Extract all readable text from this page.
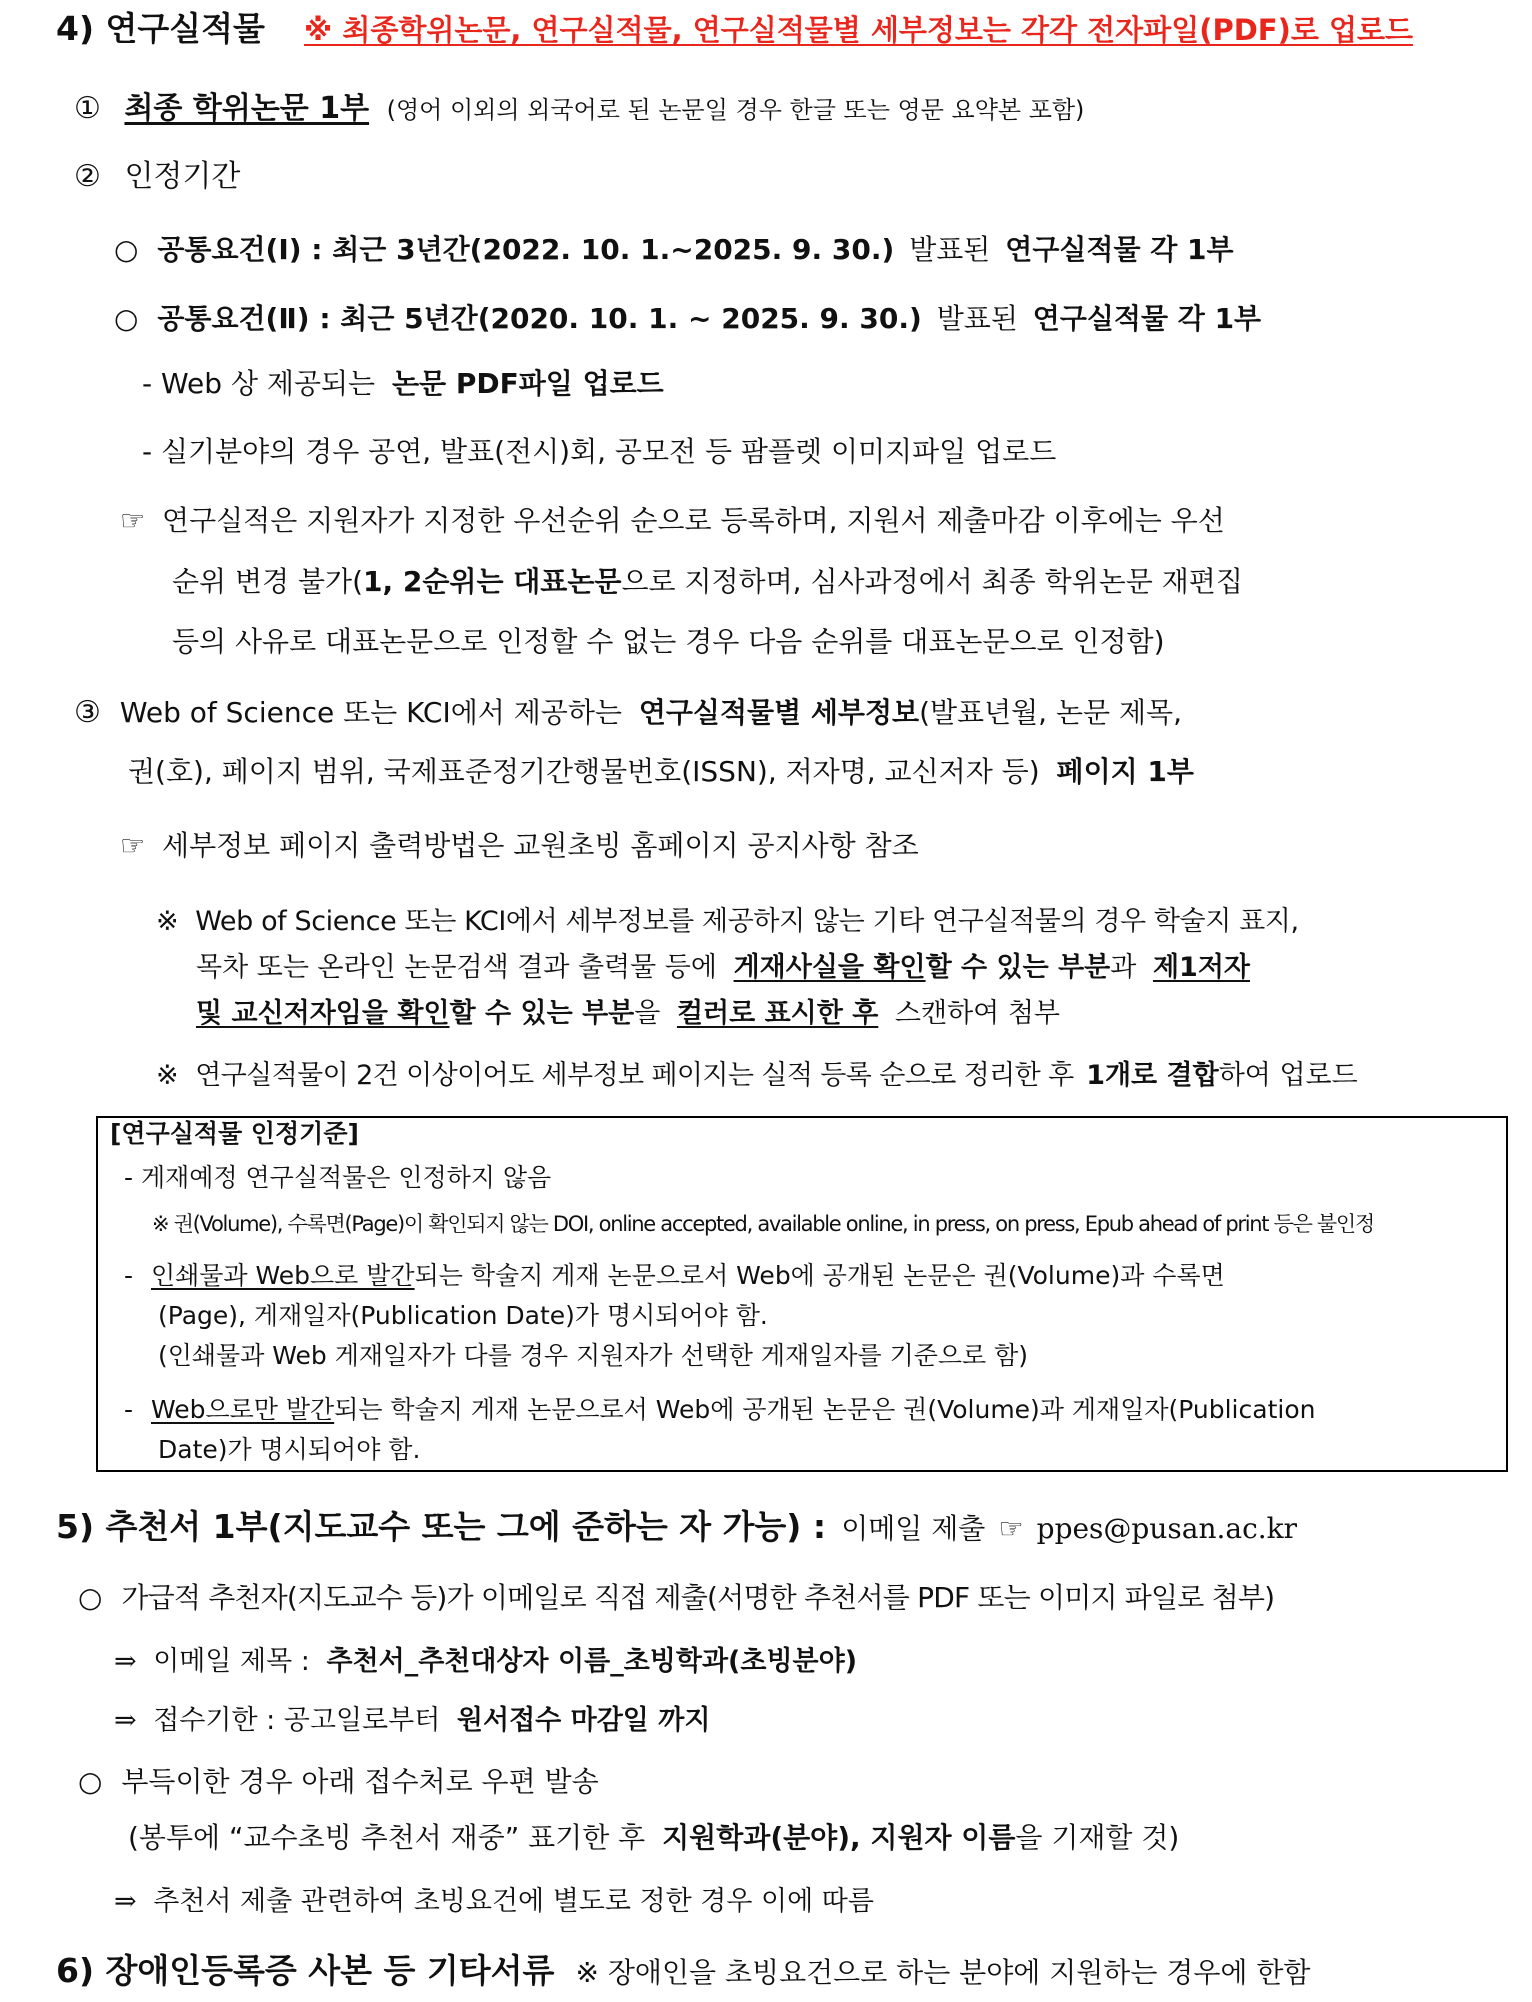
4) 연구실적물 ※ 최종학위논문, 연구실적물, 연구실적물별 세부정보는 각각 전자파일(PDF)로 업로드
① 최종 학위논문 1부 (영어 이외의 외국어로 된 논문일 경우 한글 또는 영문 요약본 포함)
② 인정기간
○ 공통요건(Ⅰ) : 최근 3년간(2022. 10. 1.~2025. 9. 30.) 발표된 연구실적물 각 1부
○ 공통요건(Ⅱ) : 최근 5년간(2020. 10. 1. ~ 2025. 9. 30.) 발표된 연구실적물 각 1부
- Web 상 제공되는 논문 PDF파일 업로드
- 실기분야의 경우 공연, 발표(전시)회, 공모전 등 팜플렛 이미지파일 업로드
☞ 연구실적은 지원자가 지정한 우선순위 순으로 등록하며, 지원서 제출마감 이후에는 우선
순위 변경 불가(1, 2순위는 대표논문으로 지정하며, 심사과정에서 최종 학위논문 재편집
등의 사유로 대표논문으로 인정할 수 없는 경우 다음 순위를 대표논문으로 인정함)
③ Web of Science 또는 KCI에서 제공하는 연구실적물별 세부정보(발표년월, 논문 제목,
권(호), 페이지 범위, 국제표준정기간행물번호(ISSN), 저자명, 교신저자 등) 페이지 1부
☞ 세부정보 페이지 출력방법은 교원초빙 홈페이지 공지사항 참조
※ Web of Science 또는 KCI에서 세부정보를 제공하지 않는 기타 연구실적물의 경우 학술지 표지,
목차 또는 온라인 논문검색 결과 출력물 등에 게재사실을 확인할 수 있는 부분과 제1저자
및 교신저자임을 확인할 수 있는 부분을 컬러로 표시한 후 스캔하여 첨부
※ 연구실적물이 2건 이상이어도 세부정보 페이지는 실적 등록 순으로 정리한 후 1개로 결합하여 업로드
[연구실적물 인정기준]
- 게재예정 연구실적물은 인정하지 않음
※ 권(Volume), 수록면(Page)이 확인되지 않는 DOI, online accepted, available online, in press, on press, Epub ahead of print 등은 불인정
- 인쇄물과 Web으로 발간되는 학술지 게재 논문으로서 Web에 공개된 논문은 권(Volume)과 수록면
(Page), 게재일자(Publication Date)가 명시되어야 함.
(인쇄물과 Web 게재일자가 다를 경우 지원자가 선택한 게재일자를 기준으로 함)
- Web으로만 발간되는 학술지 게재 논문으로서 Web에 공개된 논문은 권(Volume)과 게재일자(Publication
Date)가 명시되어야 함.
5) 추천서 1부(지도교수 또는 그에 준하는 자 가능) : 이메일 제출 ☞ ppes@pusan.ac.kr
○ 가급적 추천자(지도교수 등)가 이메일로 직접 제출(서명한 추천서를 PDF 또는 이미지 파일로 첨부)
⇒ 이메일 제목 : 추천서_추천대상자 이름_초빙학과(초빙분야)
⇒ 접수기한 : 공고일로부터 원서접수 마감일 까지
○ 부득이한 경우 아래 접수처로 우편 발송
(봉투에 “교수초빙 추천서 재중” 표기한 후 지원학과(분야), 지원자 이름을 기재할 것)
⇒ 추천서 제출 관련하여 초빙요건에 별도로 정한 경우 이에 따름
6) 장애인등록증 사본 등 기타서류 ※ 장애인을 초빙요건으로 하는 분야에 지원하는 경우에 한함
